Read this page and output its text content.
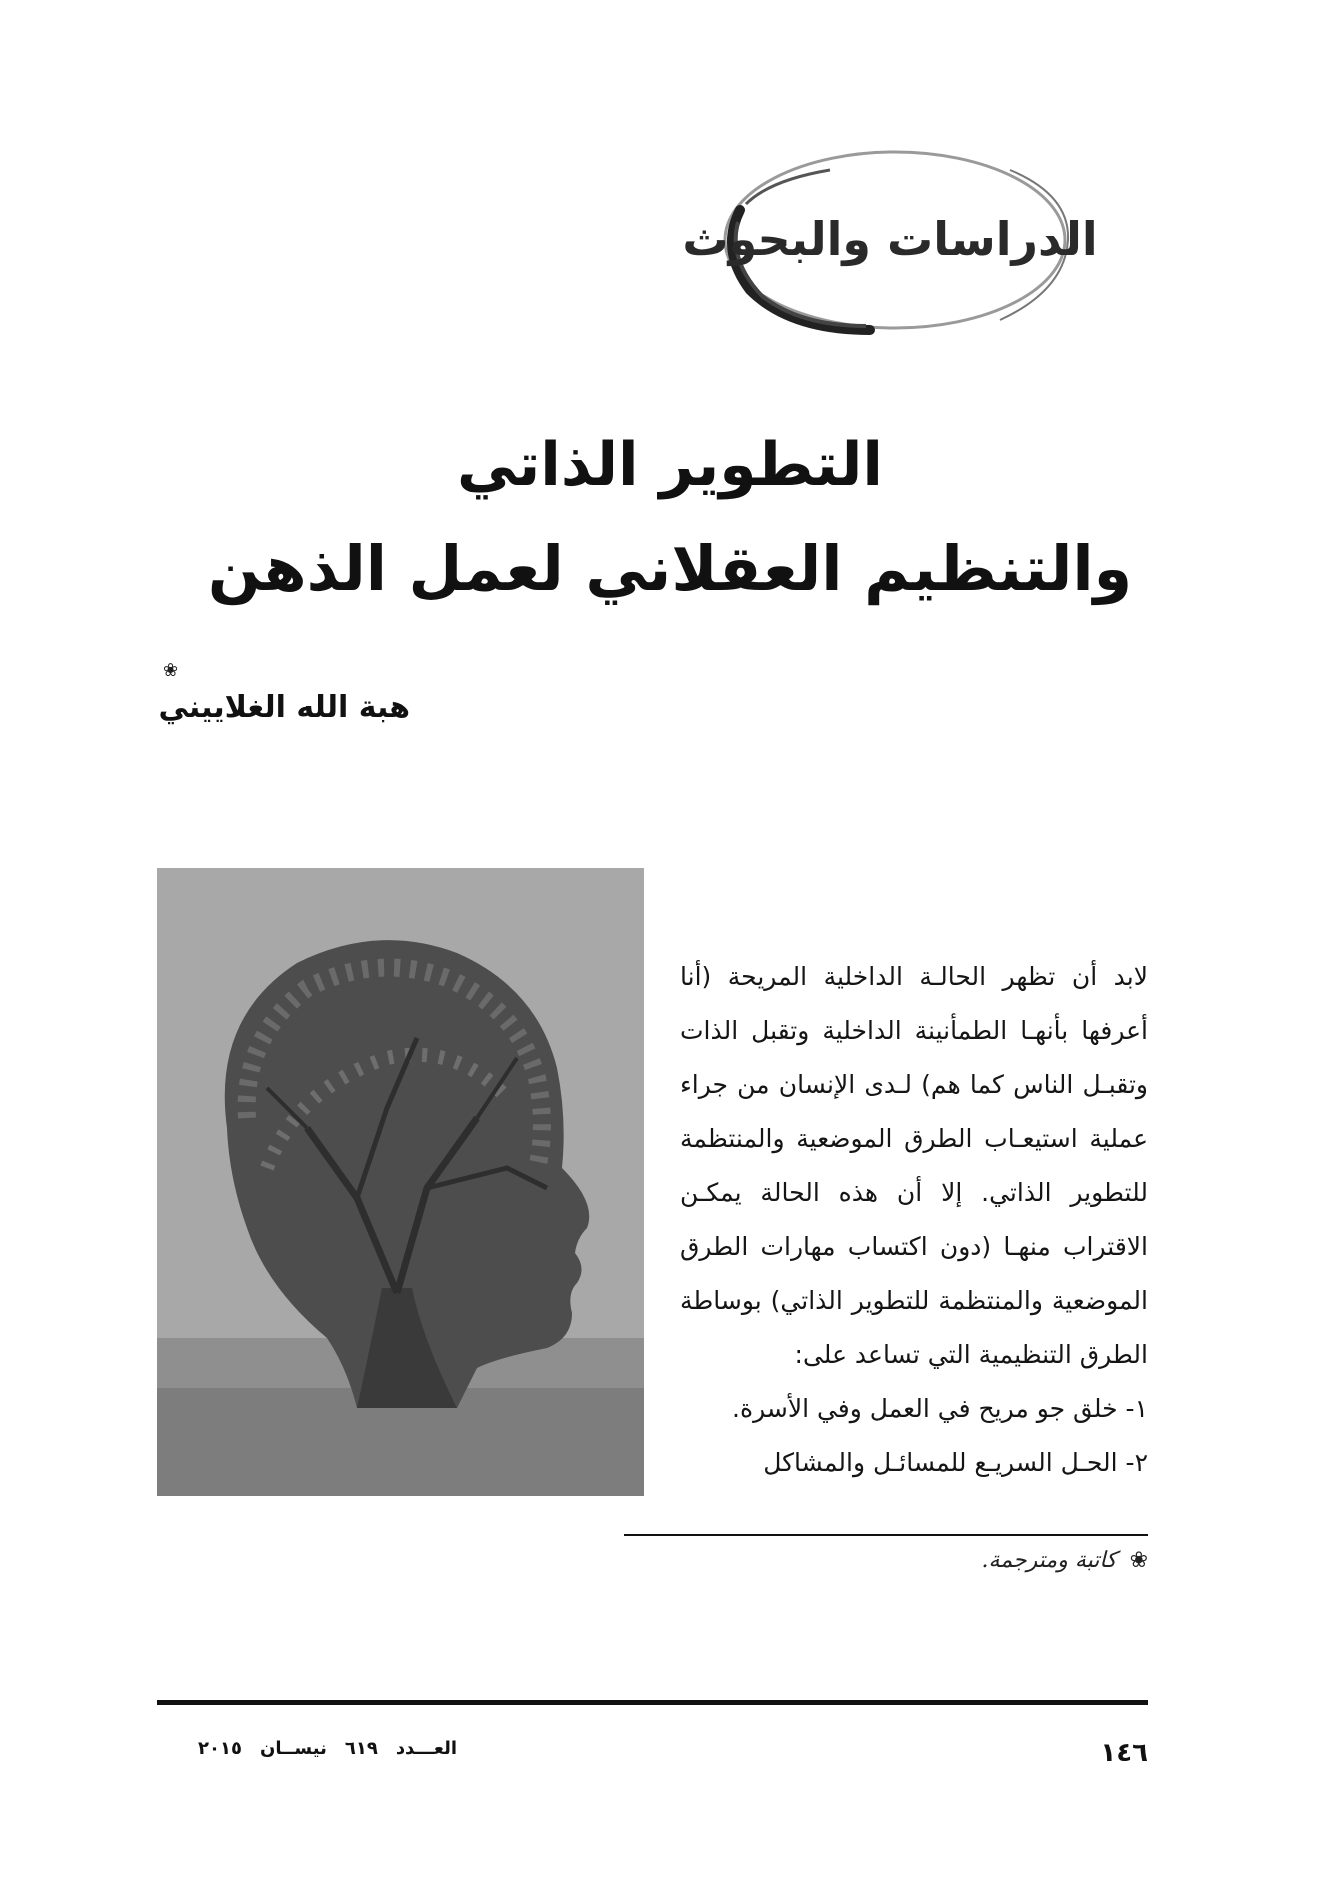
الدراسات والبحوث
التطوير الذاتي
والتنظيم العقلاني لعمل الذهن
❀
هبة الله الغلاييني

لابد أن تظهر الحالـة الداخلية المريحة (أنا أعرفها بأنهـا الطمأنينة الداخلية وتقبل الذات وتقبـل الناس كما هم) لـدى الإنسان من جراء عملية استيعـاب الطرق الموضعية والمنتظمة للتطوير الذاتي. إلا أن هذه الحالة يمكـن الاقتراب منهـا (دون اكتساب مهارات الطرق الموضعية والمنتظمة للتطوير الذاتي) بوساطة الطرق التنظيمية التي تساعد على:

١- خلق جو مريح في العمل وفي الأسرة.
٢- الحـل السريـع للمسائـل والمشاكل
❀ كاتبة ومترجمة.
١٤٦
العـــدد٦١٩نيســان٢٠١٥
